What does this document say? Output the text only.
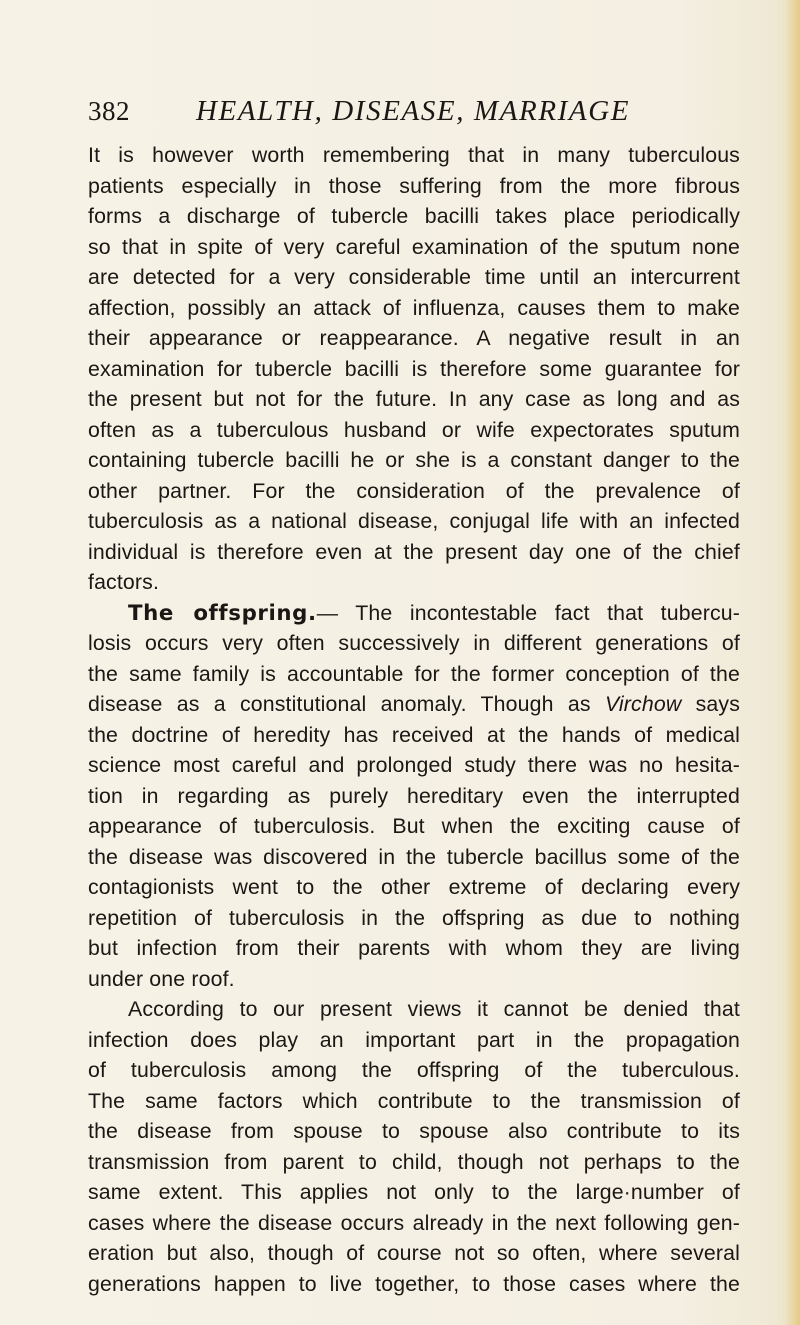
382 HEALTH, DISEASE, MARRIAGE
It is however worth remembering that in many tuberculous
patients especially in those suffering from the more fibrous
forms a discharge of tubercle bacilli takes place periodically
so that in spite of very careful examination of the sputum none
are detected for a very considerable time until an intercurrent
affection, possibly an attack of influenza, causes them to make
their appearance or reappearance. A negative result in an
examination for tubercle bacilli is therefore some guarantee for
the present but not for the future. In any case as long and as
often as a tuberculous husband or wife expectorates sputum
containing tubercle bacilli he or she is a constant danger to the
other partner. For the consideration of the prevalence of
tuberculosis as a national disease, conjugal life with an infected
individual is therefore even at the present day one of the chief
factors.
The offspring.— The incontestable fact that tubercu-
losis occurs very often successively in different generations of
the same family is accountable for the former conception of the
disease as a constitutional anomaly. Though as Virchow says
the doctrine of heredity has received at the hands of medical
science most careful and prolonged study there was no hesita-
tion in regarding as purely hereditary even the interrupted
appearance of tuberculosis. But when the exciting cause of
the disease was discovered in the tubercle bacillus some of the
contagionists went to the other extreme of declaring every
repetition of tuberculosis in the offspring as due to nothing
but infection from their parents with whom they are living
under one roof.
According to our present views it cannot be denied that
infection does play an important part in the propagation
of tuberculosis among the offspring of the tuberculous.
The same factors which contribute to the transmission of
the disease from spouse to spouse also contribute to its
transmission from parent to child, though not perhaps to the
same extent. This applies not only to the large·number of
cases where the disease occurs already in the next following gen-
eration but also, though of course not so often, where several
generations happen to live together, to those cases where the
